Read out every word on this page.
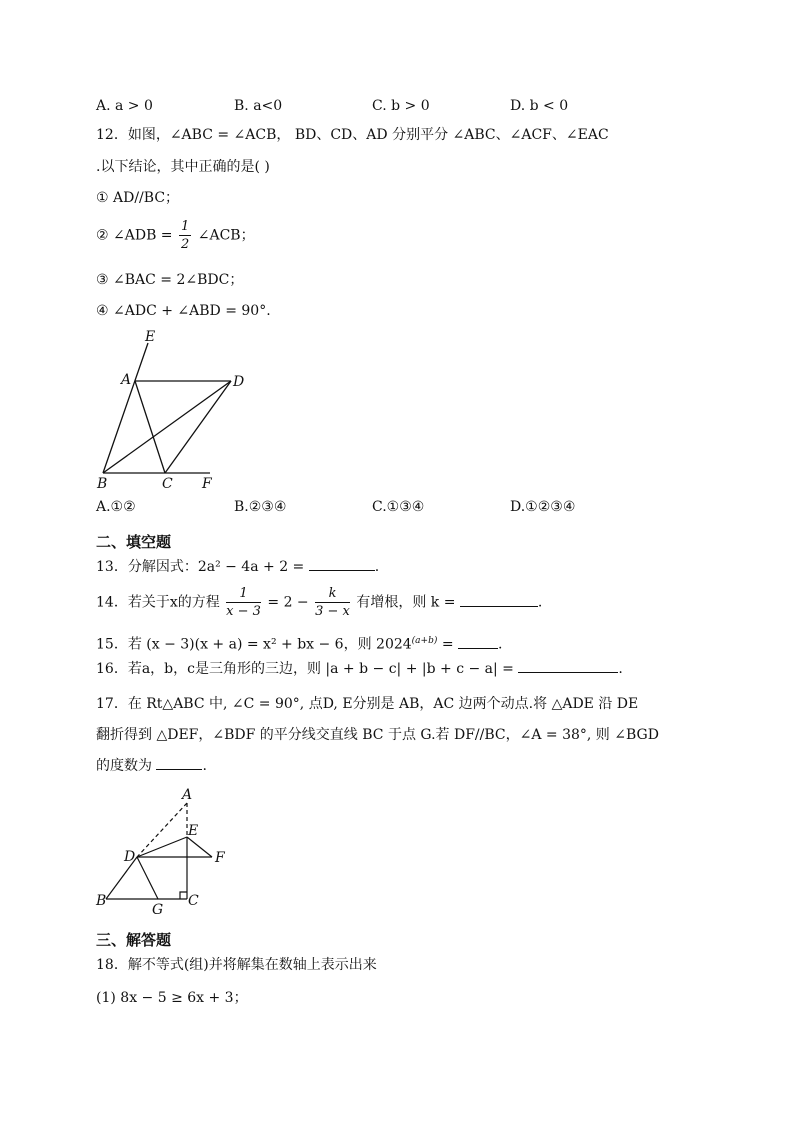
A. a > 0	B. a<0	C. b > 0	D. b < 0
12．如图，∠ABC = ∠ACB， BD、CD、AD 分别平分 ∠ABC、∠ACF、∠EAC
.以下结论，其中正确的是( )
① AD//BC；
② ∠ADB = $\frac{1}{2}$ ∠ACB；
③ ∠BAC = 2∠BDC；
④ ∠ADC + ∠ABD = 90°.
E
A	D
B	C F
A
E
D	F
B
G
C
A.①②	B.②③④	C.①③④	D.①②③④
二、填空题
13．分解因式：2a² − 4a + 2 =	.
14．若关于x的方程 $\frac{1}{x - 3} = 2 - \frac{k}{3 - x}$ 有增根，则 k =	.
15．若 (x − 3)(x + a) = x² + bx − 6，则 $2024^{(a+b)}$ =	.
16．若a，b，c是三角形的三边，则 |a + b − c| + |b + c − a| =	.
17．在 Rt△ABC 中, ∠C = 90°, 点D, E分别是 AB，AC 边两个动点.将 △ADE 沿 DE
翻折得到 △DEF，∠BDF 的平分线交直线 BC 于点 G.若 DF//BC，∠A = 38°, 则 ∠BGD
的度数为	.
三、解答题
18．解不等式(组)并将解集在数轴上表示出来
(1) 8x − 5 ≥ 6x + 3；
